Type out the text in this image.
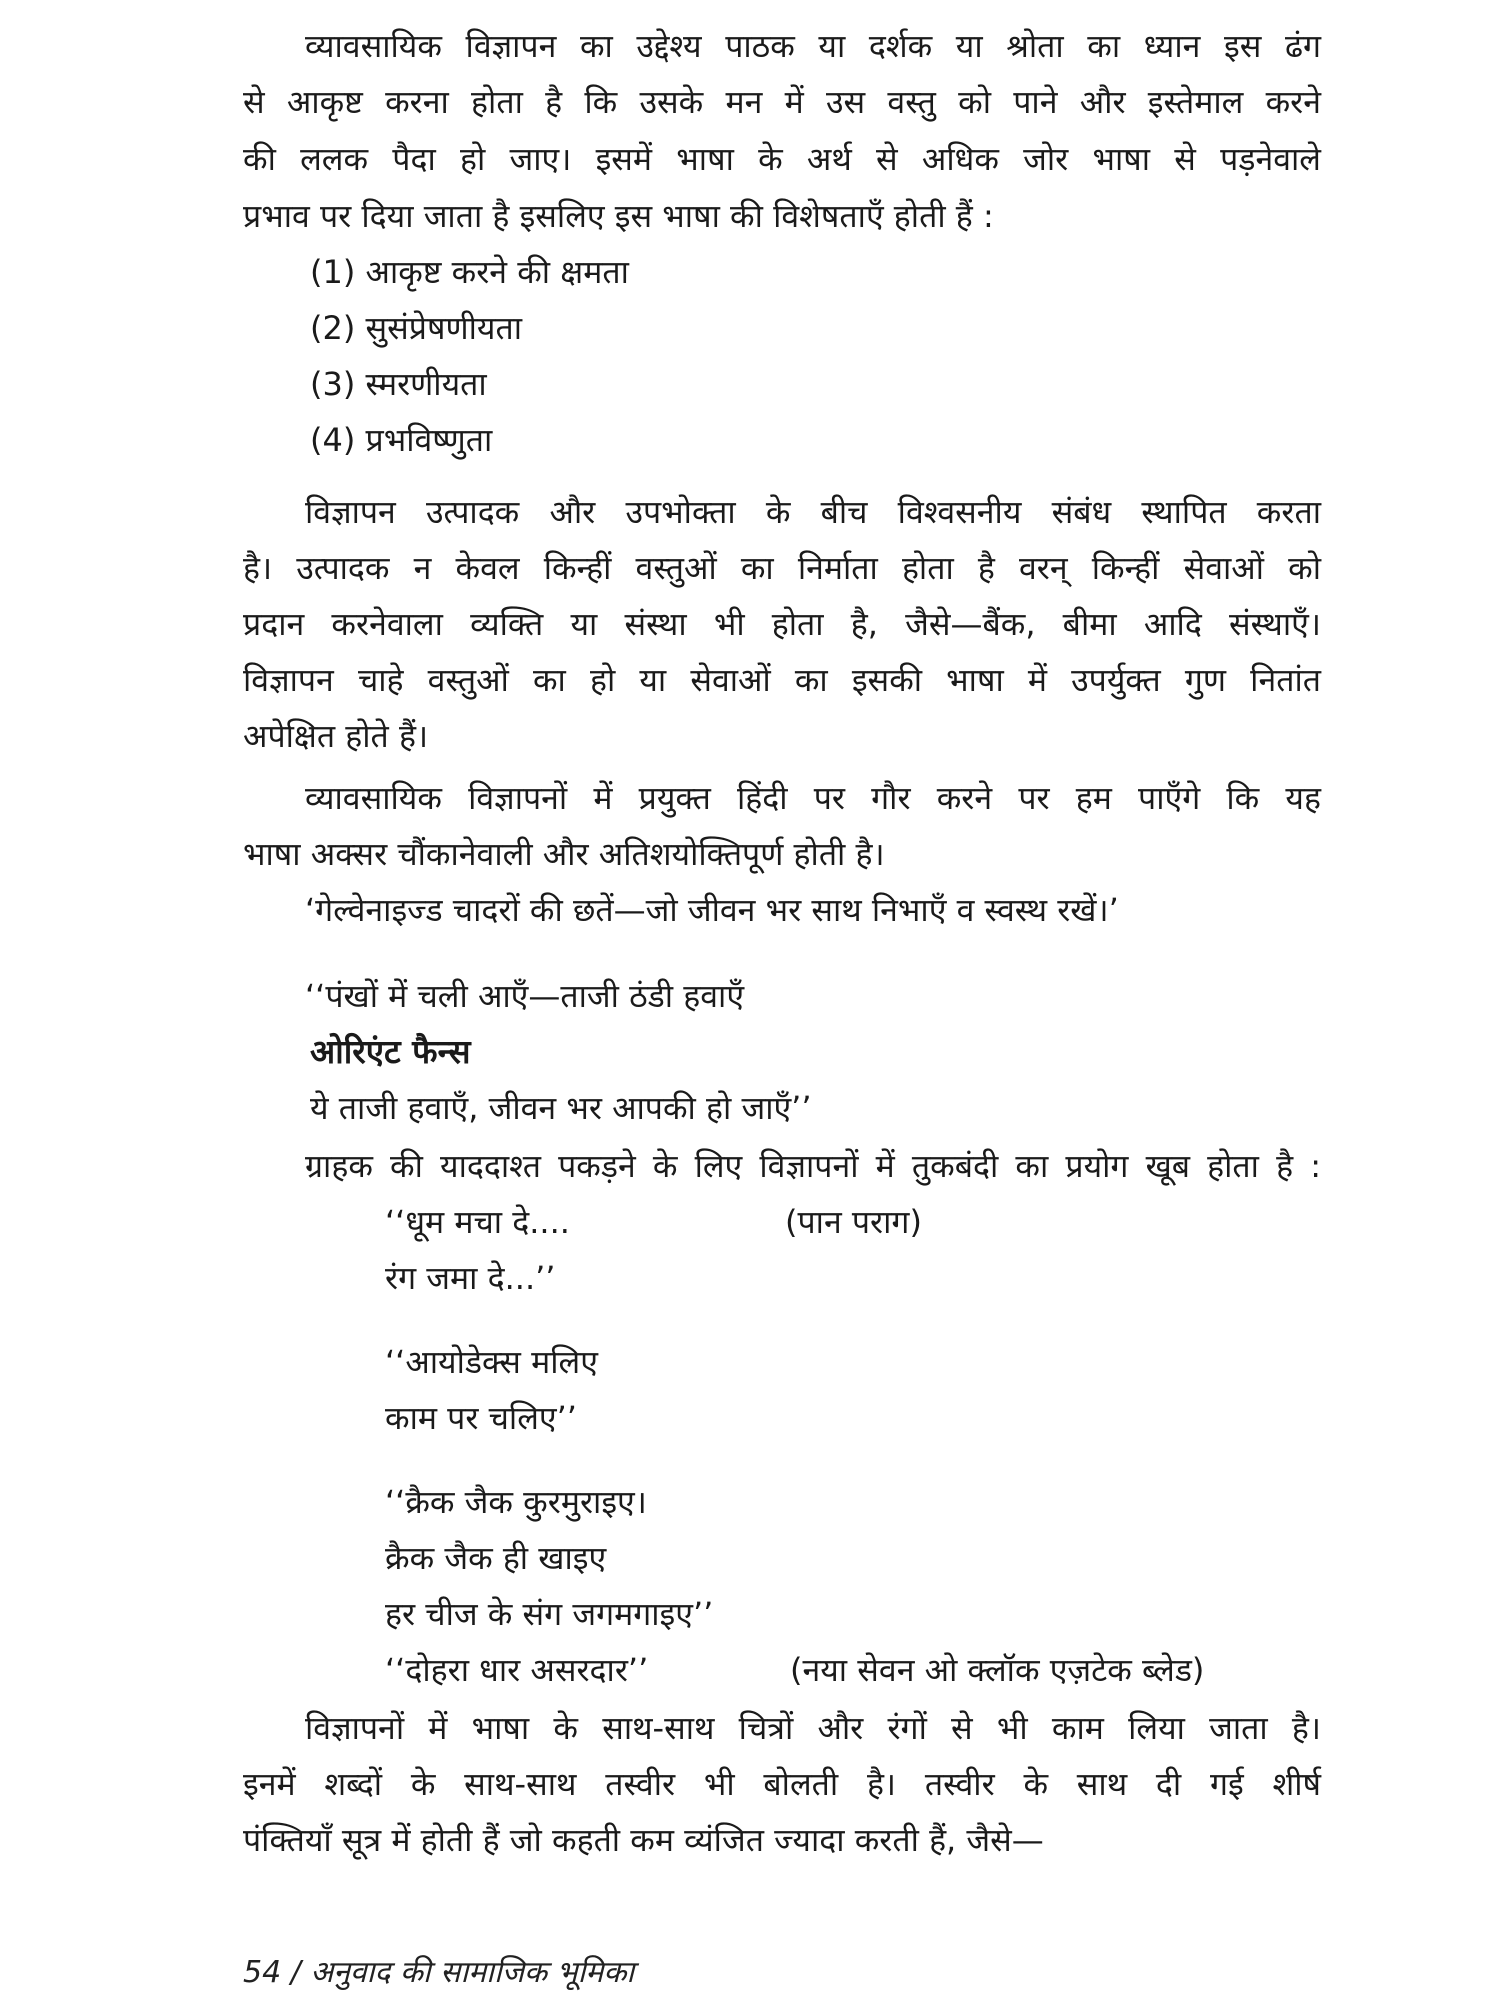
व्यावसायिक विज्ञापन का उद्देश्य पाठक या दर्शक या श्रोता का ध्यान इस ढंग

से आकृष्ट करना होता है कि उसके मन में उस वस्तु को पाने और इस्तेमाल करने

की ललक पैदा हो जाए। इसमें भाषा के अर्थ से अधिक जोर भाषा से पड़नेवाले

प्रभाव पर दिया जाता है इसलिए इस भाषा की विशेषताएँ होती हैं :

(1) आकृष्ट करने की क्षमता

(2) सुसंप्रेषणीयता

(3) स्मरणीयता

(4) प्रभविष्णुता

विज्ञापन उत्पादक और उपभोक्ता के बीच विश्वसनीय संबंध स्थापित करता

है। उत्पादक न केवल किन्हीं वस्तुओं का निर्माता होता है वरन् किन्हीं सेवाओं को

प्रदान करनेवाला व्यक्ति या संस्था भी होता है, जैसे—बैंक, बीमा आदि संस्थाएँ।

विज्ञापन चाहे वस्तुओं का हो या सेवाओं का इसकी भाषा में उपर्युक्त गुण नितांत

अपेक्षित होते हैं।

व्यावसायिक विज्ञापनों में प्रयुक्त हिंदी पर गौर करने पर हम पाएँगे कि यह

भाषा अक्सर चौंकानेवाली और अतिशयोक्तिपूर्ण होती है।

‘गेल्वेनाइज्ड चादरों की छतें—जो जीवन भर साथ निभाएँ व स्वस्थ रखें।’

‘‘पंखों में चली आएँ—ताजी ठंडी हवाएँ

ओरिएंट फैन्स

ये ताजी हवाएँ, जीवन भर आपकी हो जाएँ’’

ग्राहक की याददाश्त पकड़ने के लिए विज्ञापनों में तुकबंदी का प्रयोग खूब होता है :

‘‘धूम मचा दे....	(पान पराग)

रंग जमा दे...’’

‘‘आयोडेक्स मलिए

काम पर चलिए’’

‘‘क्रैक जैक कुरमुराइए।

क्रैक जैक ही खाइए

हर चीज के संग जगमगाइए’’

‘‘दोहरा धार असरदार’’	(नया सेवन ओ क्लॉक एज़टेक ब्लेड)

विज्ञापनों में भाषा के साथ-साथ चित्रों और रंगों से भी काम लिया जाता है।

इनमें शब्दों के साथ-साथ तस्वीर भी बोलती है। तस्वीर के साथ दी गई शीर्ष

पंक्तियाँ सूत्र में होती हैं जो कहती कम व्यंजित ज्यादा करती हैं, जैसे—

54 / अनुवाद की सामाजिक भूमिका
